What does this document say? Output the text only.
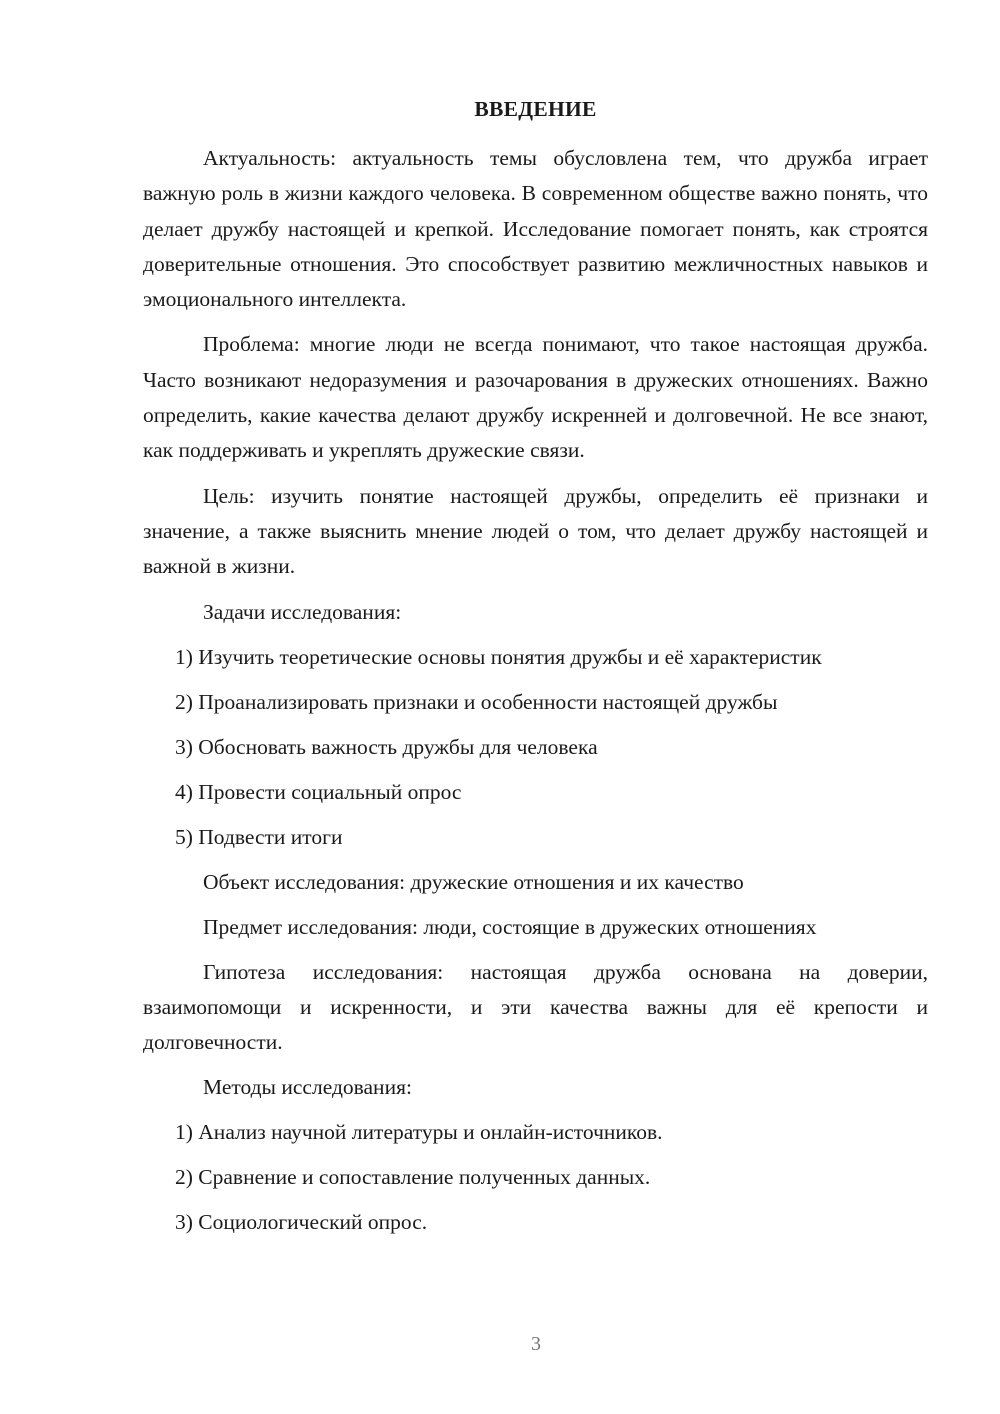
ВВЕДЕНИЕ

Актуальность: актуальность темы обусловлена тем, что дружба играет важную роль в жизни каждого человека. В современном обществе важно понять, что делает дружбу настоящей и крепкой. Исследование помогает понять, как строятся доверительные отношения. Это способствует развитию межличностных навыков и эмоционального интеллекта.

Проблема: многие люди не всегда понимают, что такое настоящая дружба. Часто возникают недоразумения и разочарования в дружеских отношениях. Важно определить, какие качества делают дружбу искренней и долговечной. Не все знают, как поддерживать и укреплять дружеские связи.

Цель: изучить понятие настоящей дружбы, определить её признаки и значение, а также выяснить мнение людей о том, что делает дружбу настоящей и важной в жизни.

Задачи исследования:

1) Изучить теоретические основы понятия дружбы и её характеристик

2) Проанализировать признаки и особенности настоящей дружбы

3) Обосновать важность дружбы для человека

4) Провести социальный опрос

5) Подвести итоги

Объект исследования: дружеские отношения и их качество

Предмет исследования: люди, состоящие в дружеских отношениях

Гипотеза исследования: настоящая дружба основана на доверии, взаимопомощи и искренности, и эти качества важны для её крепости и долговечности.

Методы исследования:

1) Анализ научной литературы и онлайн-источников.

2) Сравнение и сопоставление полученных данных.

3) Социологический опрос.

3
